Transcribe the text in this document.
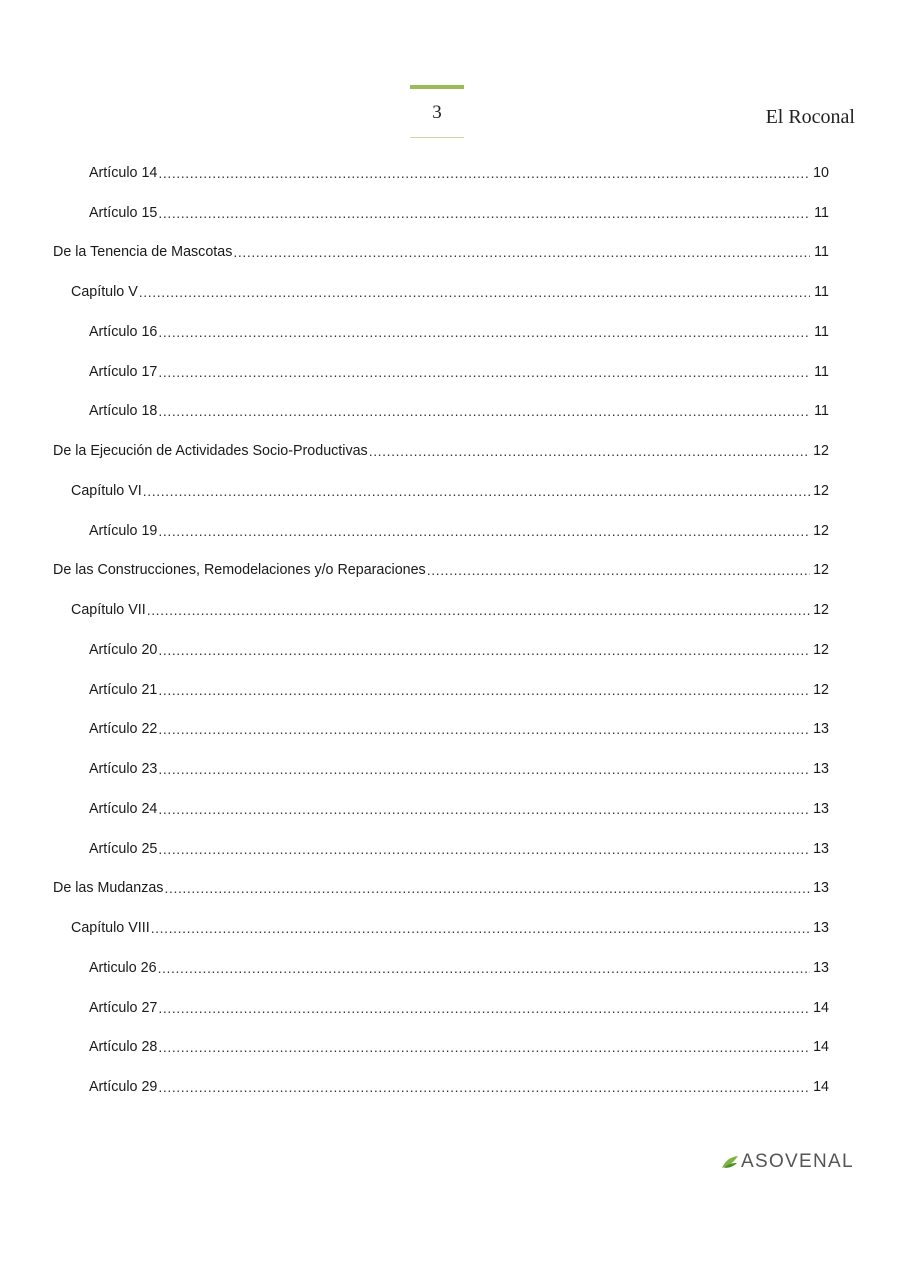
3	El Roconal
Artículo 14 .....	10
Artículo 15 .....	11
De la Tenencia de Mascotas .....	11
Capítulo V .....	11
Artículo 16 .....	11
Artículo 17 .....	11
Artículo 18 .....	11
De la Ejecución de Actividades Socio-Productivas .....	12
Capítulo VI .....	12
Artículo 19 .....	12
De las Construcciones, Remodelaciones y/o Reparaciones .....	12
Capítulo VII .....	12
Artículo 20 .....	12
Artículo 21 .....	12
Artículo 22 .....	13
Artículo 23 .....	13
Artículo 24 .....	13
Artículo 25 .....	13
De las Mudanzas .....	13
Capítulo VIII .....	13
Articulo 26 .....	13
Artículo 27 .....	14
Artículo 28 .....	14
Artículo 29 .....	14
ASOVENAL
